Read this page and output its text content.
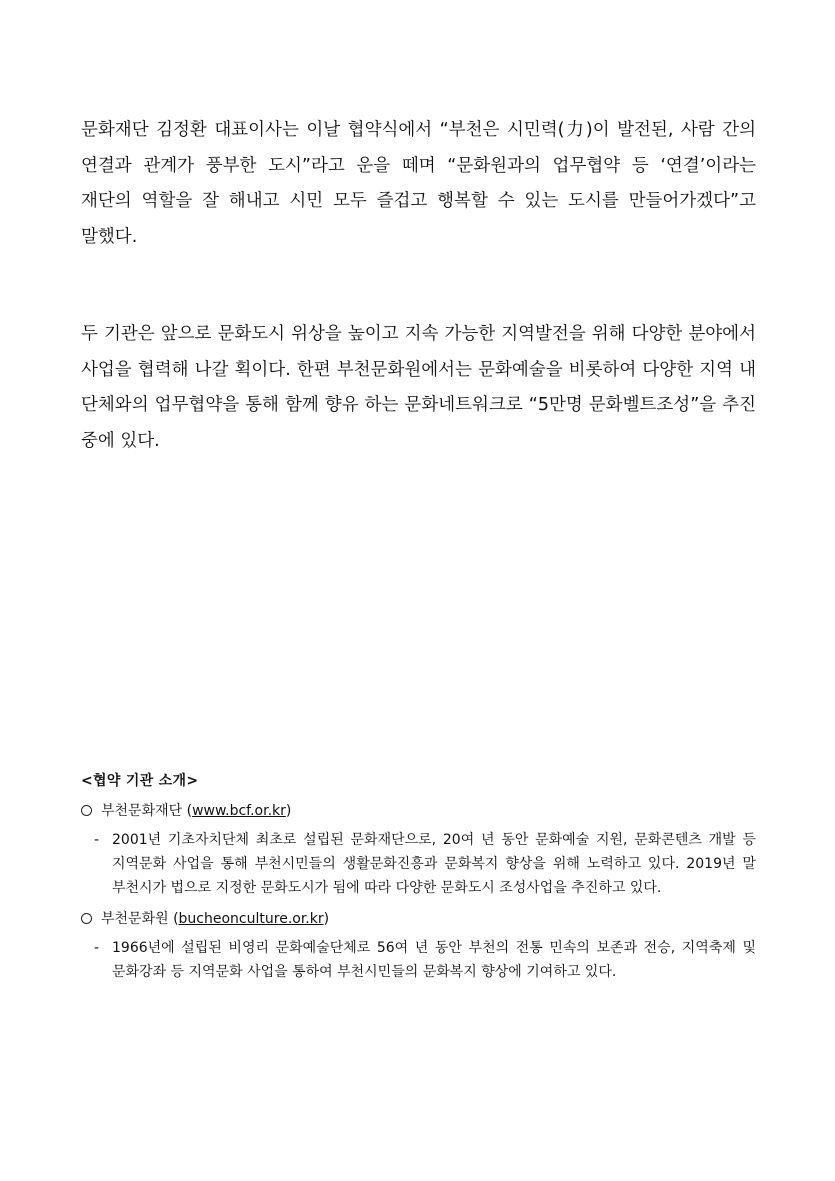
문화재단 김정환 대표이사는 이날 협약식에서 “부천은 시민력(力)이 발전된, 사람 간의 연결과 관계가 풍부한 도시”라고 운을 떼며 “문화원과의 업무협약 등 ‘연결’이라는 재단의 역할을 잘 해내고 시민 모두 즐겁고 행복할 수 있는 도시를 만들어가겠다”고 말했다.

두 기관은 앞으로 문화도시 위상을 높이고 지속 가능한 지역발전을 위해 다양한 분야에서 사업을 협력해 나갈 획이다. 한편 부천문화원에서는 문화예술을 비롯하여 다양한 지역 내 단체와의 업무협약을 통해 함께 향유 하는 문화네트워크로 “5만명 문화벨트조성”을 추진 중에 있다.

<협약 기관 소개>
부천문화재단 (www.bcf.or.kr)
- 2001년 기초자치단체 최초로 설립된 문화재단으로, 20여 년 동안 문화예술 지원, 문화콘텐츠 개발 등 지역문화 사업을 통해 부천시민들의 생활문화진흥과 문화복지 향상을 위해 노력하고 있다. 2019년 말 부천시가 법으로 지정한 문화도시가 됨에 따라 다양한 문화도시 조성사업을 추진하고 있다.
부천문화원 (bucheonculture.or.kr)
- 1966년에 설립된 비영리 문화예술단체로 56여 년 동안 부천의 전통 민속의 보존과 전승, 지역축제 및 문화강좌 등 지역문화 사업을 통하여 부천시민들의 문화복지 향상에 기여하고 있다.
